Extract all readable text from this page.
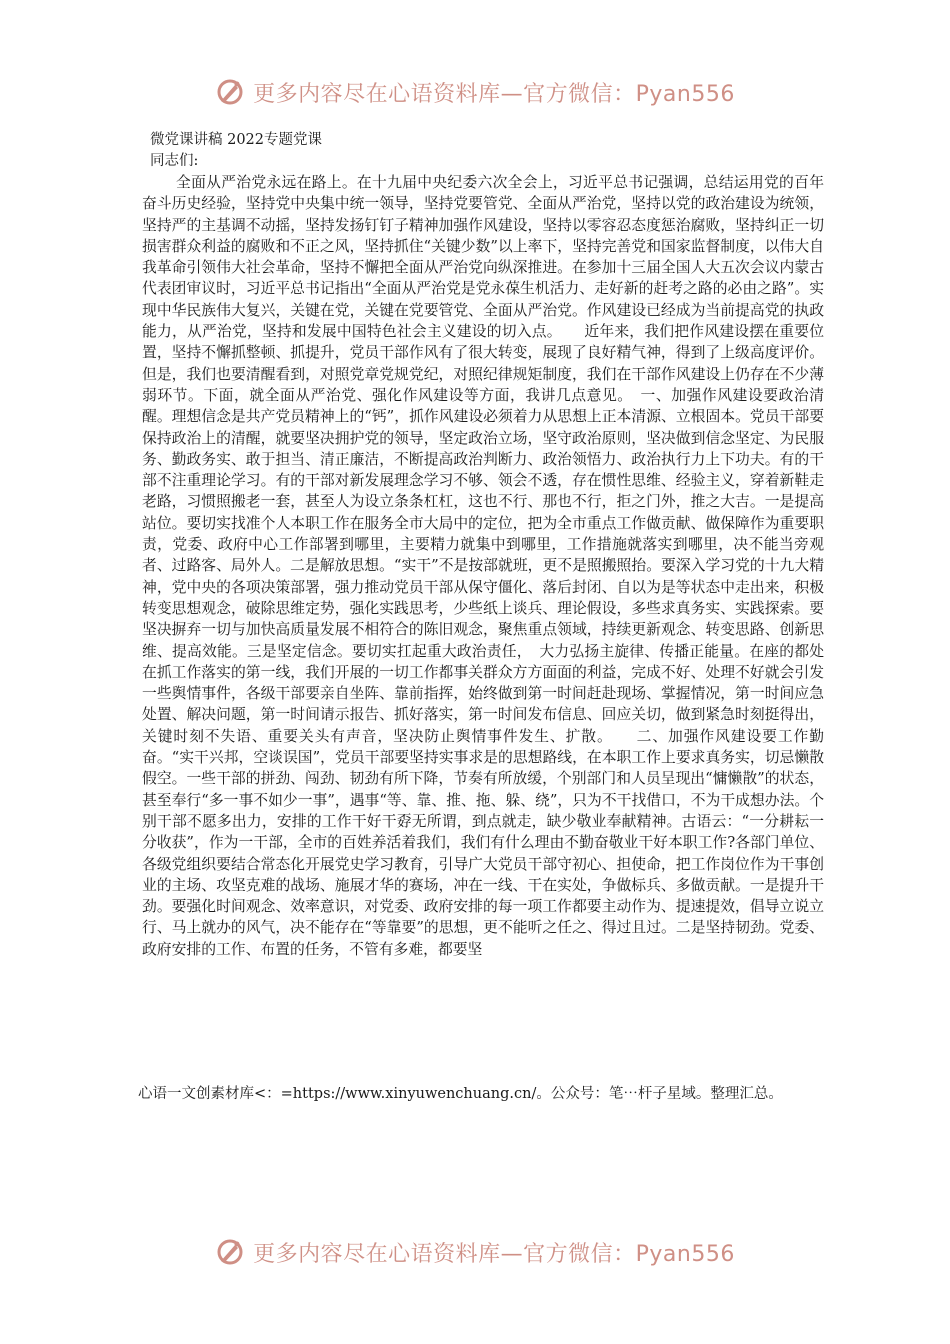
更多内容尽在心语资料库—官方微信：Pyan556

微党课讲稿 2022专题党课

同志们:

全面从严治党永远在路上。在十九届中央纪委六次全会上，习近平总书记强调，总结运用党的百年奋斗历史经验，坚持党中央集中统一领导，坚持党要管党、全面从严治党，坚持以党的政治建设为统领，坚持严的主基调不动摇，坚持发扬钉钉子精神加强作风建设，坚持以零容忍态度惩治腐败，坚持纠正一切损害群众利益的腐败和不正之风，坚持抓住“关键少数”以上率下，坚持完善党和国家监督制度，以伟大自我革命引领伟大社会革命，坚持不懈把全面从严治党向纵深推进。在参加十三届全国人大五次会议内蒙古代表团审议时，习近平总书记指出“全面从严治党是党永葆生机活力、走好新的赶考之路的必由之路”。实现中华民族伟大复兴，关键在党，关键在党要管党、全面从严治党。作风建设已经成为当前提高党的执政能力，从严治党，坚持和发展中国特色社会主义建设的切入点。　　近年来，我们把作风建设摆在重要位置，坚持不懈抓整顿、抓提升，党员干部作风有了很大转变，展现了良好精气神，得到了上级高度评价。但是，我们也要清醒看到，对照党章党规党纪，对照纪律规矩制度，我们在干部作风建设上仍存在不少薄弱环节。下面，就全面从严治党、强化作风建设等方面，我讲几点意见。　一、加强作风建设要政治清醒。理想信念是共产党员精神上的“钙”，抓作风建设必须着力从思想上正本清源、立根固本。党员干部要保持政治上的清醒，就要坚决拥护党的领导，坚定政治立场，坚守政治原则，坚决做到信念坚定、为民服务、勤政务实、敢于担当、清正廉洁，不断提高政治判断力、政治领悟力、政治执行力上下功夫。有的干部不注重理论学习。有的干部对新发展理念学习不够、领会不透，存在惯性思维、经验主义，穿着新鞋走老路，习惯照搬老一套，甚至人为设立条条杠杠，这也不行、那也不行，拒之门外，推之大吉。一是提高站位。要切实找准个人本职工作在服务全市大局中的定位，把为全市重点工作做贡献、做保障作为重要职责，党委、政府中心工作部署到哪里，主要精力就集中到哪里，工作措施就落实到哪里，决不能当旁观者、过路客、局外人。二是解放思想。“实干”不是按部就班，更不是照搬照抬。要深入学习党的十九大精神，党中央的各项决策部署，强力推动党员干部从保守僵化、落后封闭、自以为是等状态中走出来，积极转变思想观念，破除思维定势，强化实践思考，少些纸上谈兵、理论假设，多些求真务实、实践探索。要坚决摒弃一切与加快高质量发展不相符合的陈旧观念，聚焦重点领域，持续更新观念、转变思路、创新思维、提高效能。三是坚定信念。要切实扛起重大政治责任，　大力弘扬主旋律、传播正能量。在座的都处在抓工作落实的第一线，我们开展的一切工作都事关群众方方面面的利益，完成不好、处理不好就会引发一些舆情事件，各级干部要亲自坐阵、靠前指挥，始终做到第一时间赶赴现场、掌握情况，第一时间应急处置、解决问题，第一时间请示报告、抓好落实，第一时间发布信息、回应关切，做到紧急时刻挺得出，关键时刻不失语、重要关头有声音，坚决防止舆情事件发生、扩散。　　二、加强作风建设要工作勤奋。“实干兴邦，空谈误国”，党员干部要坚持实事求是的思想路线，在本职工作上要求真务实，切忌懒散假空。一些干部的拼劲、闯劲、韧劲有所下降，节奏有所放缓，个别部门和人员呈现出“慵懒散”的状态，甚至奉行“多一事不如少一事”，遇事“等、靠、推、拖、躲、绕”，只为不干找借口，不为干成想办法。个别干部不愿多出力，安排的工作干好干孬无所谓，到点就走，缺少敬业奉献精神。古语云：“一分耕耘一分收获”，作为一干部，全市的百姓养活着我们，我们有什么理由不勤奋敬业干好本职工作?各部门单位、各级党组织要结合常态化开展党史学习教育，引导广大党员干部守初心、担使命，把工作岗位作为干事创业的主场、攻坚克难的战场、施展才华的赛场，冲在一线、干在实处，争做标兵、多做贡献。一是提升干劲。要强化时间观念、效率意识，对党委、政府安排的每一项工作都要主动作为、提速提效，倡导立说立行、马上就办的风气，决不能存在“等靠要”的思想，更不能听之任之、得过且过。二是坚持韧劲。党委、政府安排的工作、布置的任务，不管有多难，都要坚

心语一文创素材库<：=https://www.xinyuwenchuang.cn/。公众号：笔⋯杆子星域。整理汇总。
更多内容尽在心语资料库—官方微信：Pyan556
